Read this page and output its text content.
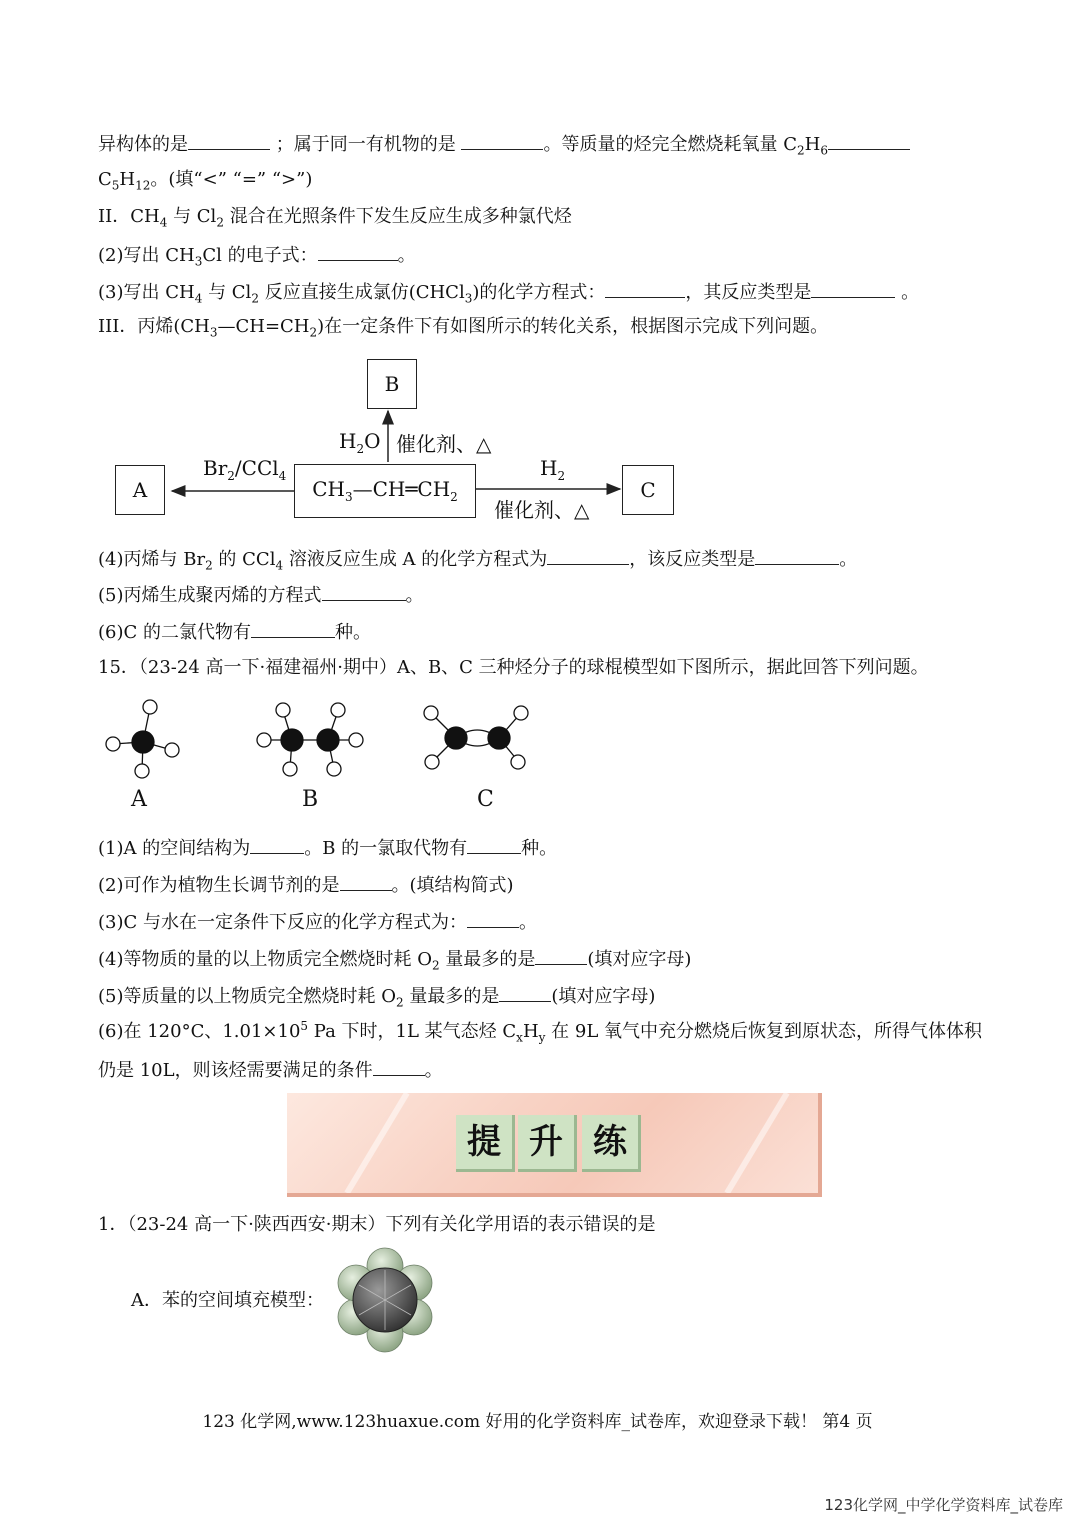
异构体的是	；属于同一有机物的是	。等质量的烃完全燃烧耗氧量 $C_2H_6$
$C_5H_{12}$。(填“<” “=” “>”)
II．$CH_4$ 与 $Cl_2$ 混合在光照条件下发生反应生成多种氯代烃
(2)写出 $CH_3Cl$ 的电子式：	。
(3)写出 $CH_4$ 与 $Cl_2$ 反应直接生成氯仿(CHCl$_3$)的化学方程式：	，其反应类型是	。
III．丙烯$(CH_3—CH=CH_2)$在一定条件下有如图所示的转化关系，根据图示完成下列问题。
B
A	C
$CH_3—CH═CH_2$
$H_2O$ 催化剂、△
$Br_2/CCl_4$	$H_2$
催化剂、△
(4)丙烯与 $Br_2$ 的 CCl$_4$ 溶液反应生成 A 的化学方程式为	，该反应类型是	。
(5)丙烯生成聚丙烯的方程式	。
(6)C 的二氯代物有	种。
15．（23-24 高一下·福建福州·期中）A、B、C 三种烃分子的球棍模型如下图所示，据此回答下列问题。
A	B	C
(1)A 的空间结构为	。B 的一氯取代物有	种。
(2)可作为植物生长调节剂的是	。(填结构简式)
(3)C 与水在一定条件下反应的化学方程式为：	。
(4)等物质的量的以上物质完全燃烧时耗 $O_2$ 量最多的是	(填对应字母)
(5)等质量的以上物质完全燃烧时耗 $O_2$ 量最多的是	(填对应字母)
(6)在 120°C、$1.01\times 10^5$ Pa 下时，1L 某气态烃 $C_xH_y$ 在 9L 氧气中充分燃烧后恢复到原状态，所得气体体积
仍是 10L，则该烃需要满足的条件	。
提 升 练
1．（23-24 高一下·陕西西安·期末）下列有关化学用语的表示错误的是
A．苯的空间填充模型：
123 化学网,www.123huaxue.com 好用的化学资料库_试卷库，欢迎登录下载！ 第4 页
123化学网_中学化学资料库_试卷库
